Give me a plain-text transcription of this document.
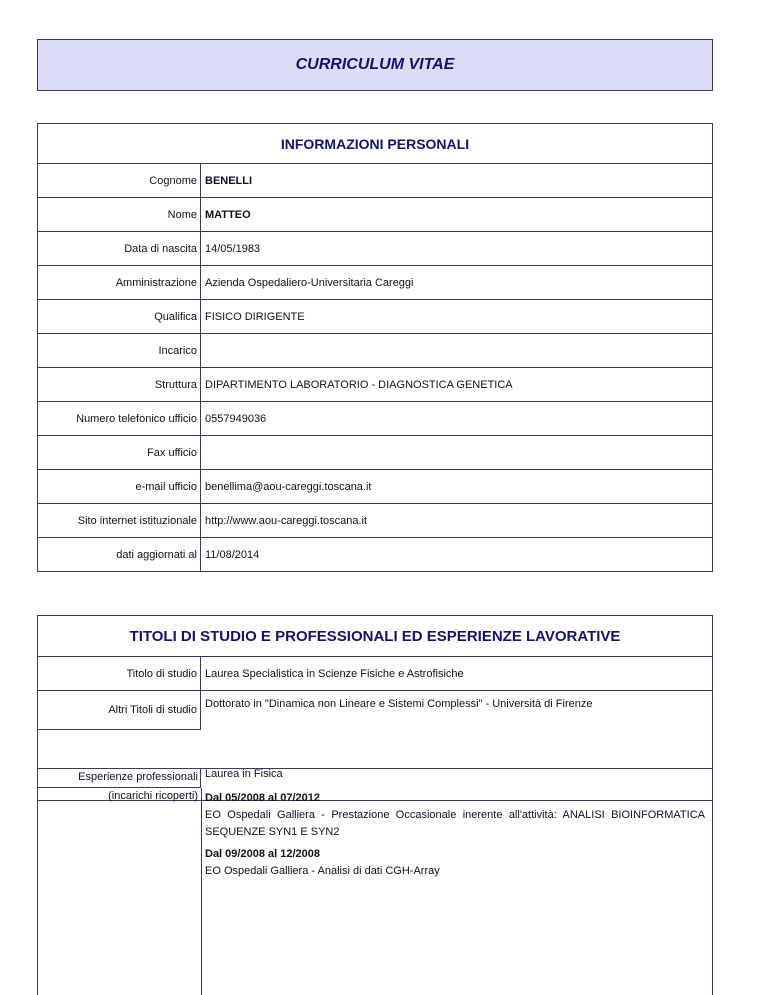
CURRICULUM VITAE
INFORMAZIONI PERSONALI
Cognome BENELLI
Nome MATTEO
Data di nascita 14/05/1983
Amministrazione Azienda Ospedaliero-Universitaria Careggi
Qualifica FISICO DIRIGENTE
Incarico
Struttura DIPARTIMENTO LABORATORIO - DIAGNOSTICA GENETICA
Numero telefonico ufficio 0557949036
Fax ufficio
e-mail ufficio benellima@aou-careggi.toscana.it
Sito internet istituzionale http://www.aou-careggi.toscana.it
dati aggiornati al 11/08/2014
TITOLI DI STUDIO E PROFESSIONALI ED ESPERIENZE LAVORATIVE
Titolo di studio Laurea Specialistica in Scienze Fisiche e Astrofisiche
Altri Titoli di studio Dottorato in "Dinamica non Lineare e Sistemi Complessi" - Università di Firenze
Laurea in Fisica
Esperienze professionali
(incarichi ricoperti) Dal 05/2008 al 07/2012
EO Ospedali Galliera - Prestazione Occasionale inerente all'attività: ANALISI BIOINFORMATICA SEQUENZE SYN1 E SYN2
Dal 09/2008 al 12/2008
EO Ospedali Galliera - Analisi di dati CGH-Array
